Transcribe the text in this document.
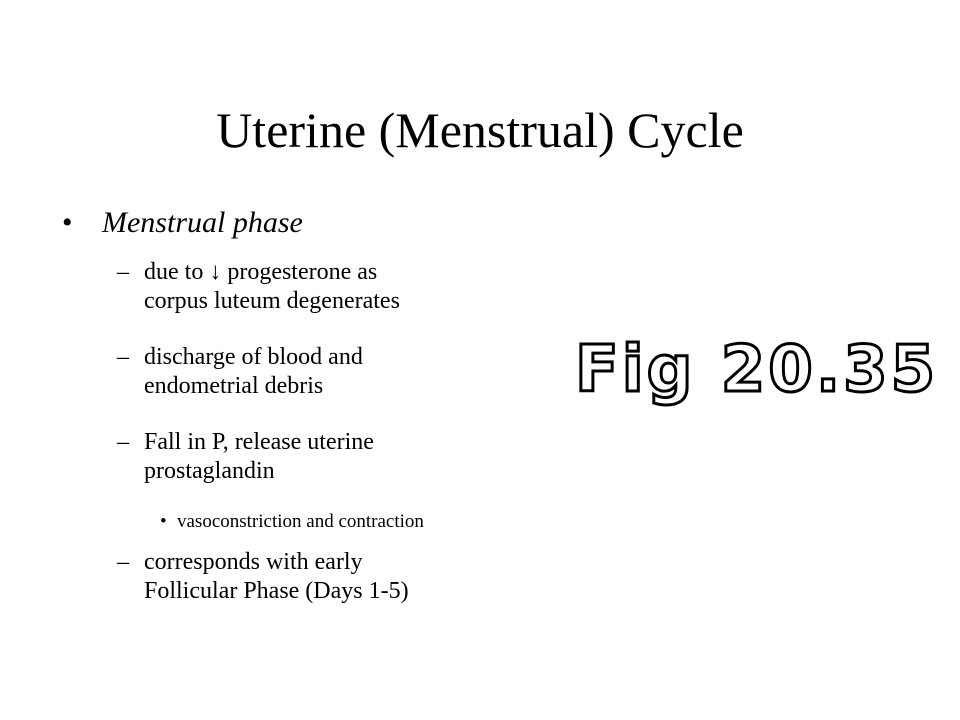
Uterine (Menstrual) Cycle
• Menstrual phase
– due to ↓ progesterone as
corpus luteum degenerates
– discharge of blood and
endometrial debris
– Fall in P, release uterine
prostaglandin
• vasoconstriction and contraction
– corresponds with early
Follicular Phase (Days 1-5)
Fig 20.35
